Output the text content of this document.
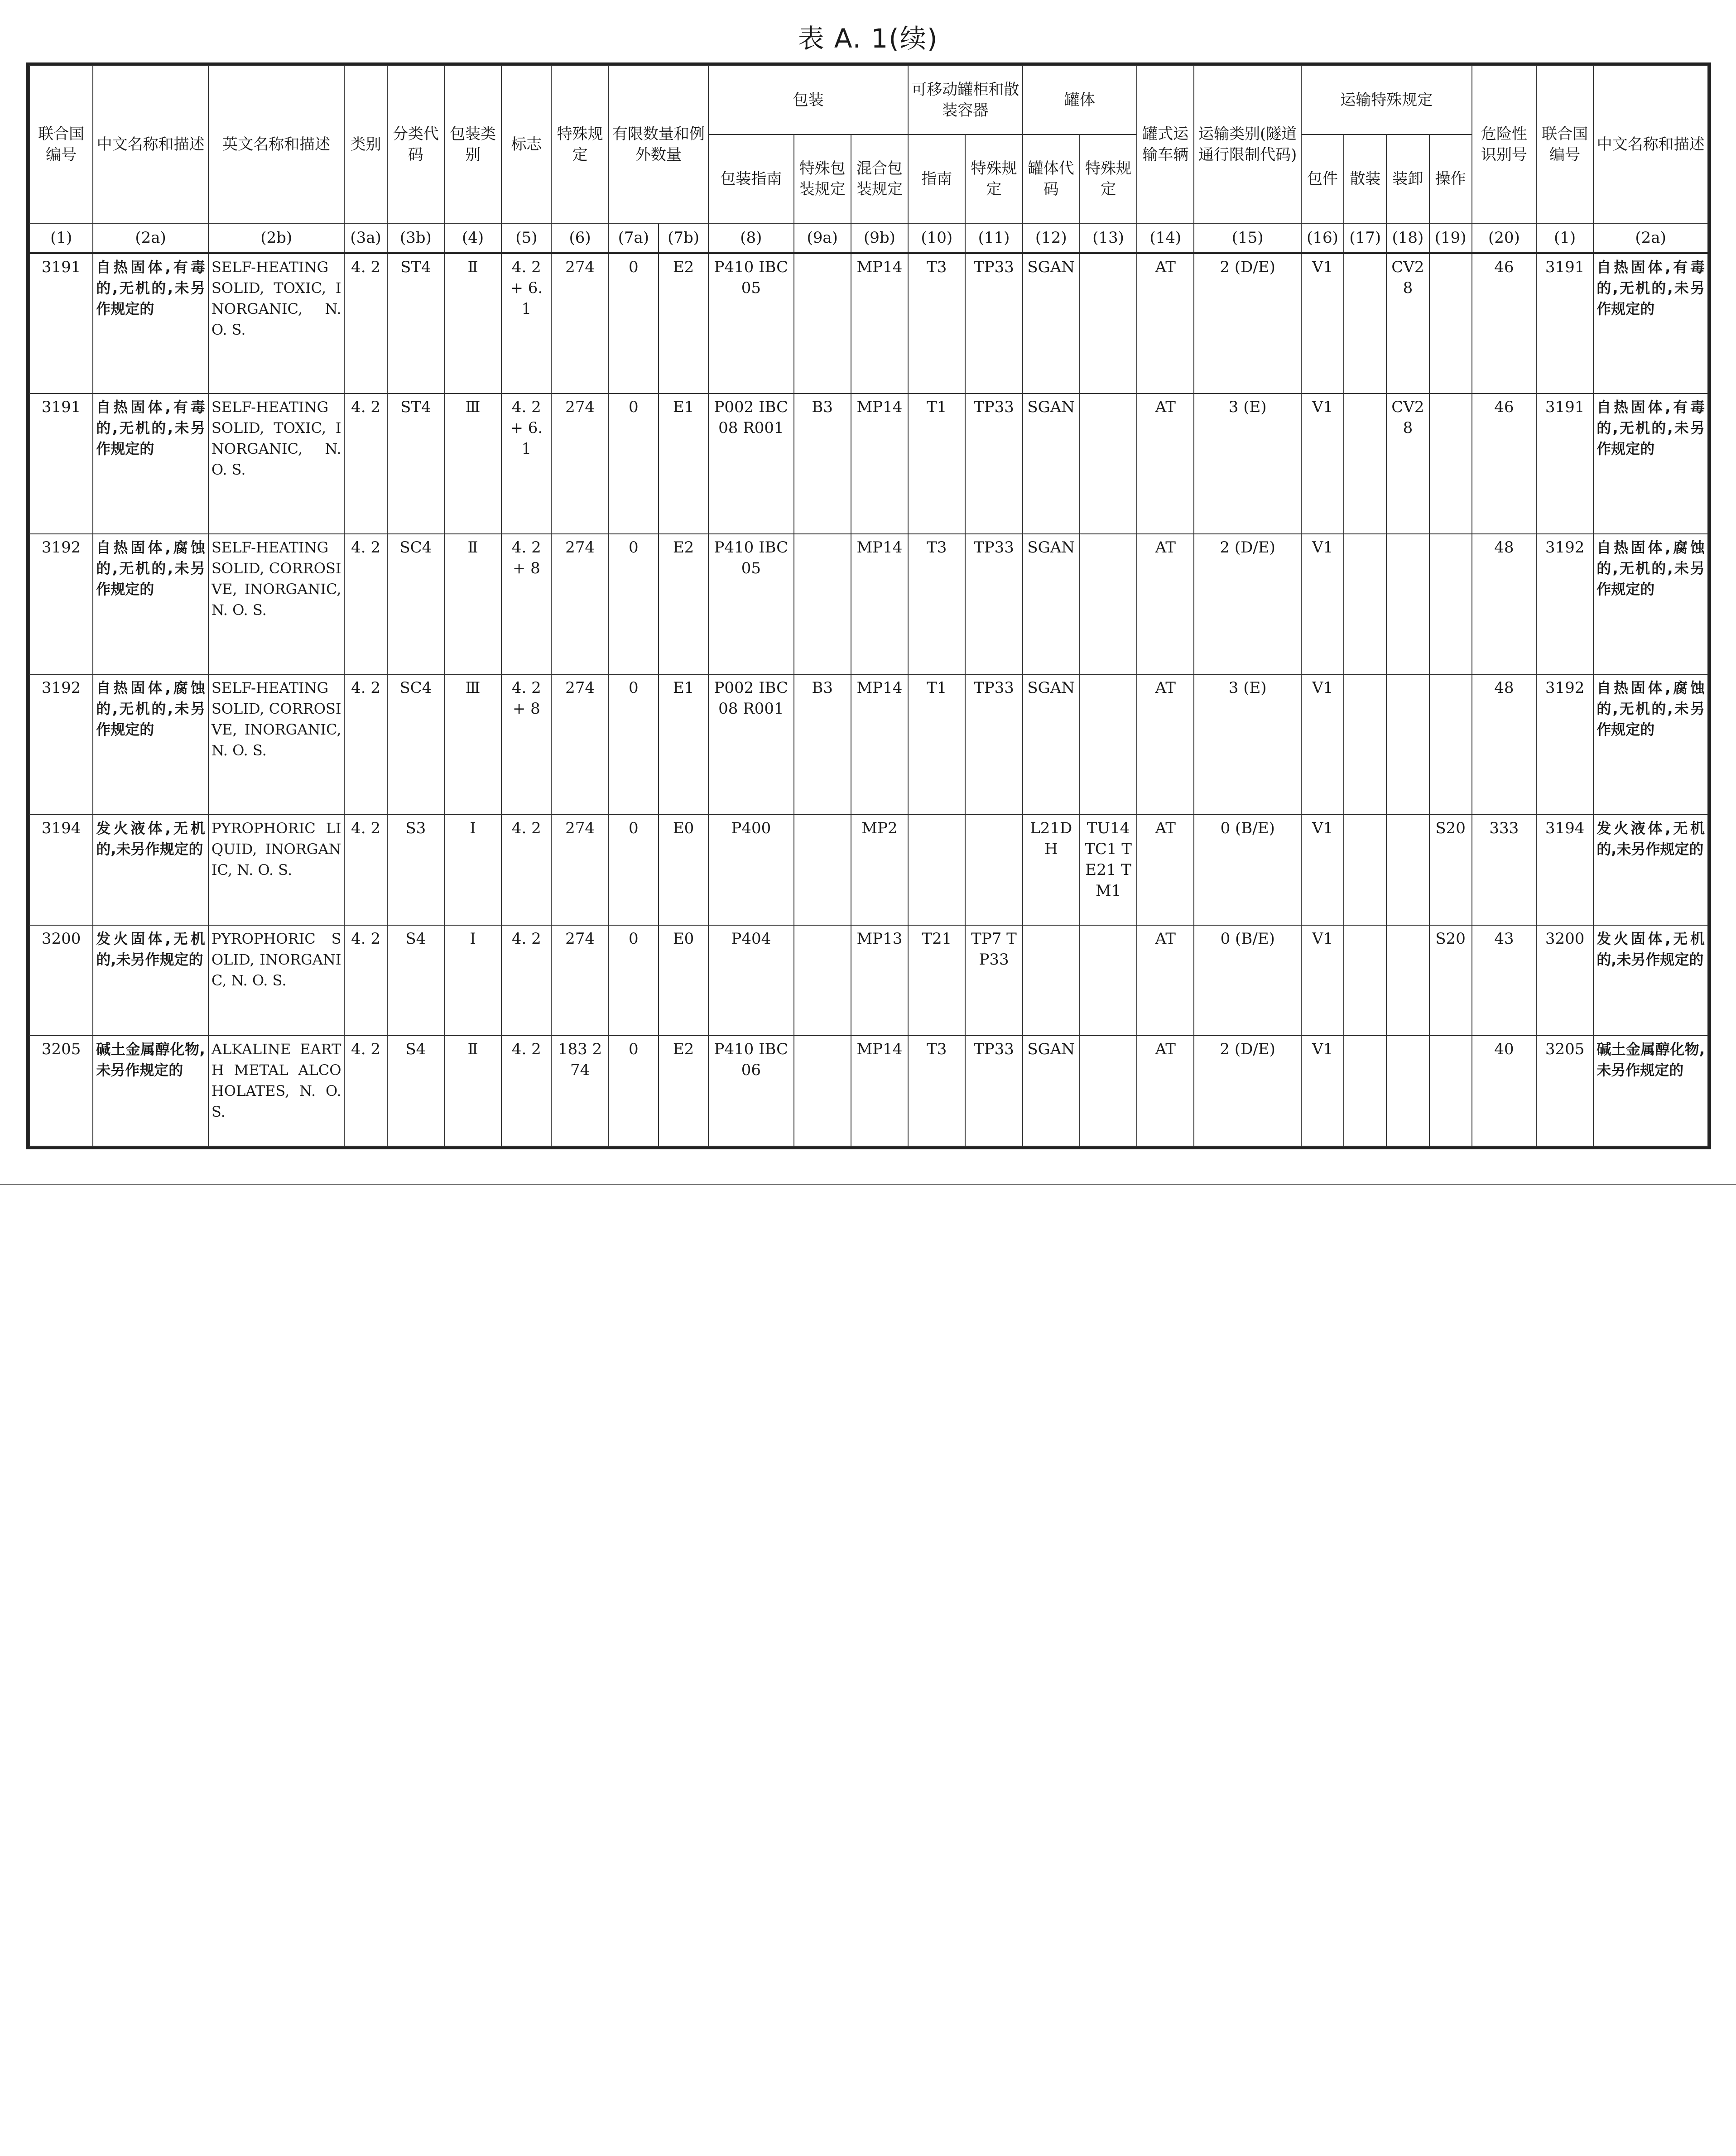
表 A. 1(续)
联合国编号	中文名称和描述	英文名称和描述	类别	分类代码	包装类别	标志	特殊规定	有限数量和例外数量		包装			可移动罐柜和散装容器		罐体		罐式运输车辆	运输类别(隧道通行限制代码)	运输特殊规定				危险性识别号	联合国编号	中文名称和描述
										包装指南	特殊包装规定	混合包装规定	指南	特殊规定	罐体代码	特殊规定			包件	散装	装卸	操作			
(1)	(2a)	(2b)	(3a)	(3b)	(4)	(5)	(6)	(7a)	(7b)	(8)	(9a)	(9b)	(10)	(11)	(12)	(13)	(14)	(15)	(16)	(17)	(18)	(19)	(20)	(1)	(2a)
3191	自热固体,有毒的,无机的,未另作规定的	SELF-HEATING SOLID, TOXIC, INORGANIC, N. O. S.	4. 2	ST4	Ⅱ	4. 2 + 6. 1	274	0	E2	P410 IBC05		MP14	T3	TP33	SGAN		AT	2 (D/E)	V1		CV28		46	3191	自热固体,有毒的,无机的,未另作规定的
3191	自热固体,有毒的,无机的,未另作规定的	SELF-HEATING SOLID, TOXIC, INORGANIC, N. O. S.	4. 2	ST4	Ⅲ	4. 2 + 6. 1	274	0	E1	P002 IBC08 R001	B3	MP14	T1	TP33	SGAN		AT	3 (E)	V1		CV28		46	3191	自热固体,有毒的,无机的,未另作规定的
3192	自热固体,腐蚀的,无机的,未另作规定的	SELF-HEATING SOLID, CORROSIVE, INORGANIC, N. O. S.	4. 2	SC4	Ⅱ	4. 2 + 8	274	0	E2	P410 IBC05		MP14	T3	TP33	SGAN		AT	2 (D/E)	V1				48	3192	自热固体,腐蚀的,无机的,未另作规定的
3192	自热固体,腐蚀的,无机的,未另作规定的	SELF-HEATING SOLID, CORROSIVE, INORGANIC, N. O. S.	4. 2	SC4	Ⅲ	4. 2 + 8	274	0	E1	P002 IBC08 R001	B3	MP14	T1	TP33	SGAN		AT	3 (E)	V1				48	3192	自热固体,腐蚀的,无机的,未另作规定的
3194	发火液体,无机的,未另作规定的	PYROPHORIC LIQUID, INORGANIC, N. O. S.	4. 2	S3	Ⅰ	4. 2	274	0	E0	P400		MP2			L21DH	TU14 TC1 TE21 TM1	AT	0 (B/E)	V1			S20	333	3194	发火液体,无机的,未另作规定的
3200	发火固体,无机的,未另作规定的	PYROPHORIC SOLID, INORGANIC, N. O. S.	4. 2	S4	Ⅰ	4. 2	274	0	E0	P404		MP13	T21	TP7 TP33			AT	0 (B/E)	V1			S20	43	3200	发火固体,无机的,未另作规定的
3205	碱土金属醇化物,未另作规定的	ALKALINE EARTH METAL ALCOHOLATES, N. O. S.	4. 2	S4	Ⅱ	4. 2	183 274	0	E2	P410 IBC06		MP14	T3	TP33	SGAN		AT	2 (D/E)	V1				40	3205	碱土金属醇化物,未另作规定的
